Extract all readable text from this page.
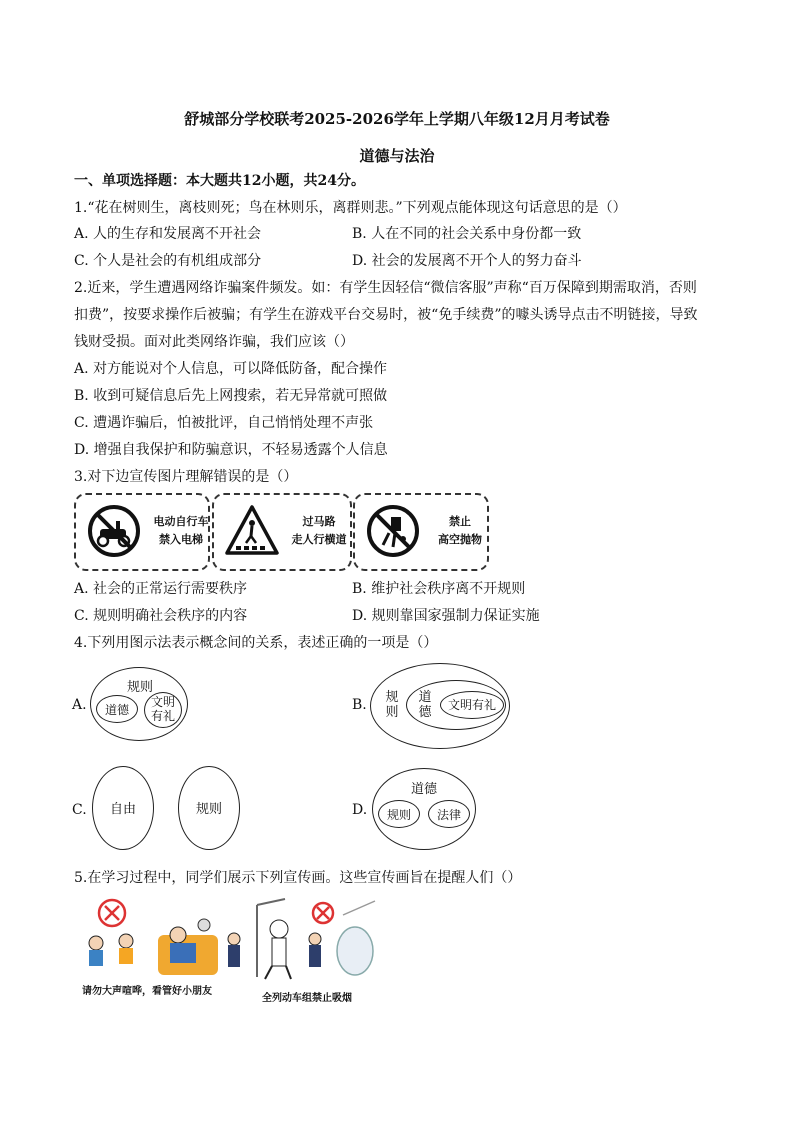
舒城部分学校联考2025-2026学年上学期八年级12月月考试卷
道德与法治
一、单项选择题：本大题共12小题，共24分。
1.“花在树则生，离枝则死；鸟在林则乐，离群则悲。”下列观点能体现这句话意思的是（）
A. 人的生存和发展离不开社会	B. 人在不同的社会关系中身份都一致
C. 个人是社会的有机组成部分	D. 社会的发展离不开个人的努力奋斗
2.近来，学生遭遇网络诈骗案件频发。如：有学生因轻信“微信客服”声称“百万保障到期需取消，否则
扣费”，按要求操作后被骗；有学生在游戏平台交易时，被“免手续费”的噱头诱导点击不明链接，导致
钱财受损。面对此类网络诈骗，我们应该（）
A. 对方能说对个人信息，可以降低防备，配合操作
B. 收到可疑信息后先上网搜索，若无异常就可照做
C. 遭遇诈骗后，怕被批评，自己悄悄处理不声张
D. 增强自我保护和防骗意识，不轻易透露个人信息
3.对下边宣传图片理解错误的是（）
电动自行车
禁入电梯
过马路
走人行横道
禁止
高空抛物
A. 社会的正常运行需要秩序	B. 维护社会秩序离不开规则
C. 规则明确社会秩序的内容	D. 规则靠国家强制力保证实施
4.下列用图示法表示概念间的关系，表述正确的一项是（）
A.
规则
道德
文明有礼
B. 规则
道德	文明有礼
C.	自由	规则	D.
道德
规则	法律
5.在学习过程中，同学们展示下列宣传画。这些宣传画旨在提醒人们（）
请勿大声喧哗，看管好小朋友
全列动车组禁止吸烟
